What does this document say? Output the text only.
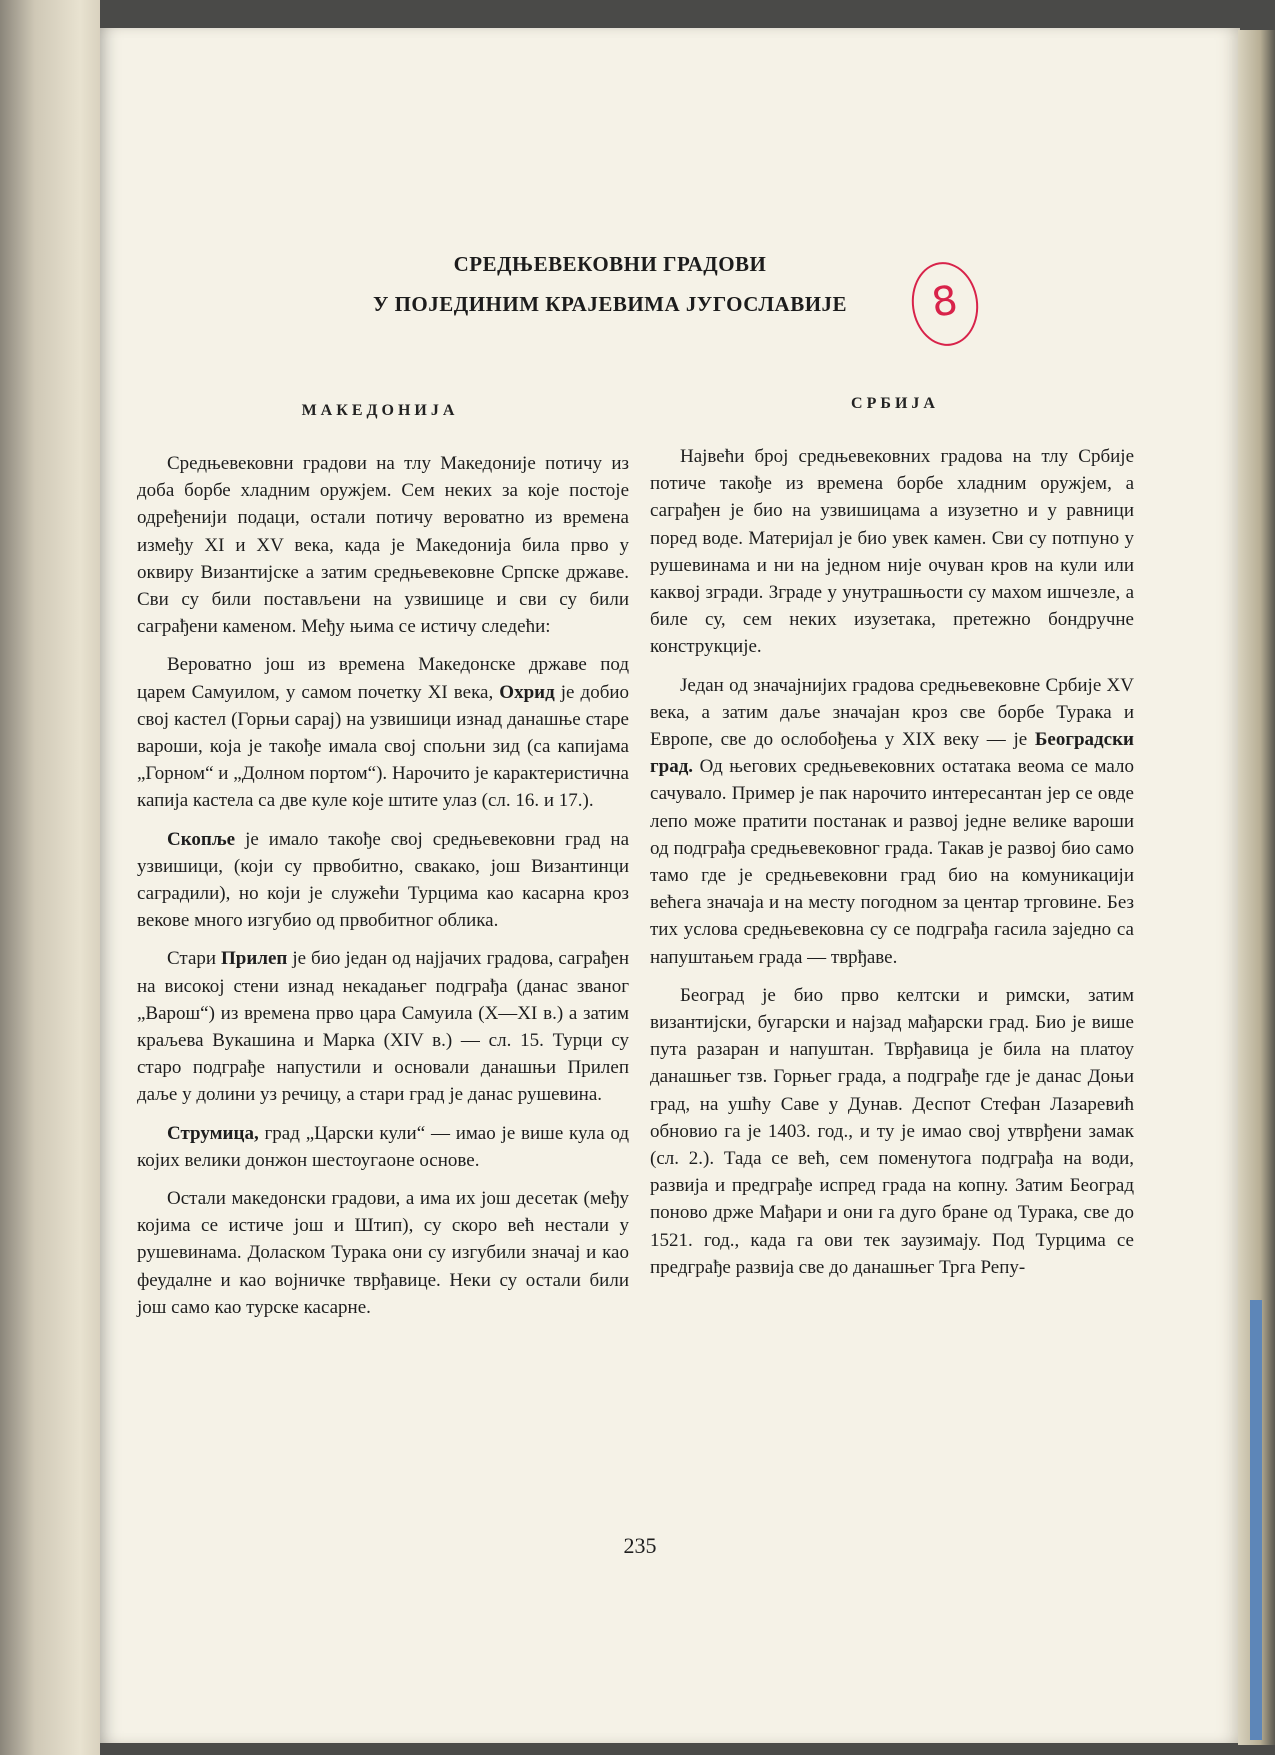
СРЕДЊЕВЕКОВНИ ГРАДОВИ
У ПОЈЕДИНИМ КРАЈЕВИМА ЈУГОСЛАВИЈЕ	8
МАКЕДОНИЈА	СРБИЈА

Средњевековни градови на тлу Македоније потичу из доба борбе хладним оружјем. Сем неких за које постоје одређенији подаци, остали потичу вероватно из времена између XI и XV века, када је Македонија била прво у оквиру Византијске а затим средњевековне Српске државе. Сви су били постављени на узвишице и сви су били саграђени каменом. Међу њима се истичу следећи:

Вероватно још из времена Македонске државе под царем Самуилом, у самом почетку XI века, Охрид је добио свој кастел (Горњи сарај) на узвишици изнад данашње старе вароши, која је такође имала свој спољни зид (са капијама „Горном“ и „Долном портом“). Нарочито је карактеристична капија кастела са две куле које штите улаз (сл. 16. и 17.).

Скопље је имало такође свој средњевековни град на узвишици, (који су првобитно, свакако, још Византинци саградили), но који је служећи Турцима као касарна кроз векове много изгубио од првобитног облика.

Стари Прилеп је био један од најјачих градова, саграђен на високој стени изнад некадањег подграђа (данас званог „Варош“) из времена прво цара Самуила (X—XI в.) а затим краљева Вукашина и Марка (XIV в.) — сл. 15. Турци су старо подграђе напустили и основали данашњи Прилеп даље у долини уз речицу, а стари град је данас рушевина.

Струмица, град „Царски кули“ — имао је више кула од којих велики донжон шестоугаоне основе.

Остали македонски градови, а има их још десетак (међу којима се истиче још и Штип), су скоро већ нестали у рушевинама. Доласком Турака они су изгубили значај и као феудалне и као војничке тврђавице. Неки су остали били још само као турске касарне.

Највећи број средњевековних градова на тлу Србије потиче такође из времена борбе хладним оружјем, а саграђен је био на узвишицама а изузетно и у равници поред воде. Материјал је био увек камен. Сви су потпуно у рушевинама и ни на једном није очуван кров на кули или каквој згради. Зграде у унутрашњости су махом ишчезле, а биле су, сем неких изузетака, претежно бондручне конструкције.

Један од значајнијих градова средњевековне Србије XV века, а затим даље значајан кроз све борбе Турака и Европе, све до ослобођења у XIX веку — је Београдски град. Од његових средњевековних остатака веома се мало сачувало. Пример је пак нарочито интересантан јер се овде лепо може пратити постанак и развој једне велике вароши од подграђа средњевековног града. Такав је развој био само тамо где је средњевековни град био на комуникацији већега значаја и на месту погодном за центар трговине. Без тих услова средњевековна су се подграђа гасила заједно са напуштањем града — тврђаве.

Београд је био прво келтски и римски, затим византијски, бугарски и најзад мађарски град. Био је више пута разаран и напуштан. Тврђавица је била на платоу данашњег тзв. Горњег града, а подграђе где је данас Доњи град, на ушћу Саве у Дунав. Деспот Стефан Лазаревић обновио га је 1403. год., и ту је имао свој утврђени замак (сл. 2.). Тада се већ, сем поменутога подграђа на води, развија и предграђе испред града на копну. Затим Београд поново држе Мађари и они га дуго бране од Турака, све до 1521. год., када га ови тек заузимају. Под Турцима се предграђе развија све до данашњег Трга Репу-

235
